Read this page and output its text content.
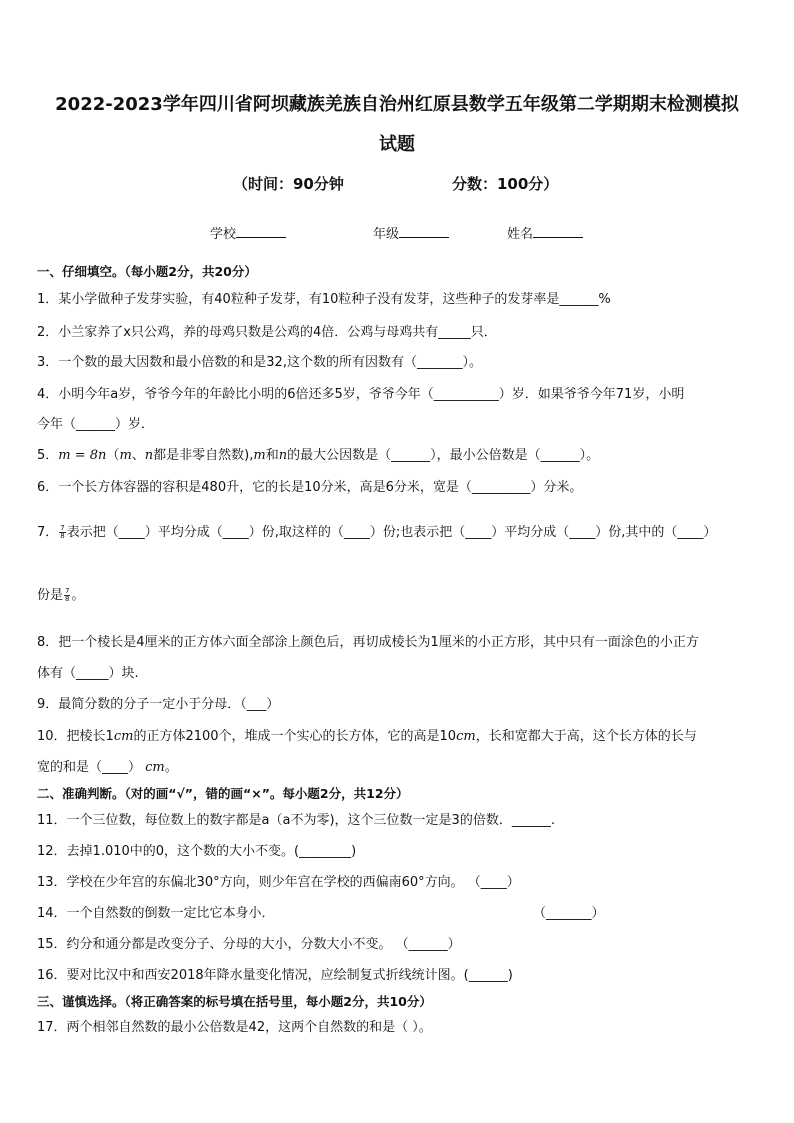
2022-2023学年四川省阿坝藏族羌族自治州红原县数学五年级第二学期期末检测模拟
试题
（时间：90分钟	分数：100分）
学校	年级	姓名
一、仔细填空。（每小题2分，共20分）
1．某小学做种子发芽实验，有40粒种子发芽，有10粒种子没有发芽，这些种子的发芽率是______%
2．小兰家养了x只公鸡，养的母鸡只数是公鸡的4倍．公鸡与母鸡共有_____只．
3．一个数的最大因数和最小倍数的和是32,这个数的所有因数有（_______）。
4．小明今年a岁，爷爷今年的年龄比小明的6倍还多5岁，爷爷今年（__________）岁．如果爷爷今年71岁，小明
今年（______）岁．
5．m = 8n（m、n都是非零自然数),m和n的最大公因数是（______），最小公倍数是（______）。
6．一个长方体容器的容积是480升，它的长是10分米，高是6分米，宽是（_________）分米。
7． $\frac{7}{8}$ 表示把（____）平均分成（____）份,取这样的（____）份;也表示把（____）平均分成（____）份,其中的（____）
份是 $\frac{7}{8}$ 。
8．把一个棱长是4厘米的正方体六面全部涂上颜色后，再切成棱长为1厘米的小正方形，其中只有一面涂色的小正方
体有（_____）块.
9．最简分数的分子一定小于分母．（___）
10．把棱长1cm的正方体2100个，堆成一个实心的长方体，它的高是10cm，长和宽都大于高，这个长方体的长与
宽的和是（____） cm。
二、准确判断。（对的画“√”，错的画“×”。每小题2分，共12分）
11．一个三位数，每位数上的数字都是a（a不为零)，这个三位数一定是3的倍数．______.
12．去掉1.010中的0，这个数的大小不变。(________)
13．学校在少年宫的东偏北30°方向，则少年宫在学校的西偏南60°方向。 （____）
14．一个自然数的倒数一定比它本身小．	（_______）
15．约分和通分都是改变分子、分母的大小，分数大小不变。 （______）
16．要对比汉中和西安2018年降水量变化情况，应绘制复式折线统计图。(______)
三、谨慎选择。（将正确答案的标号填在括号里，每小题2分，共10分）
17．两个相邻自然数的最小公倍数是42，这两个自然数的和是（ ）。
